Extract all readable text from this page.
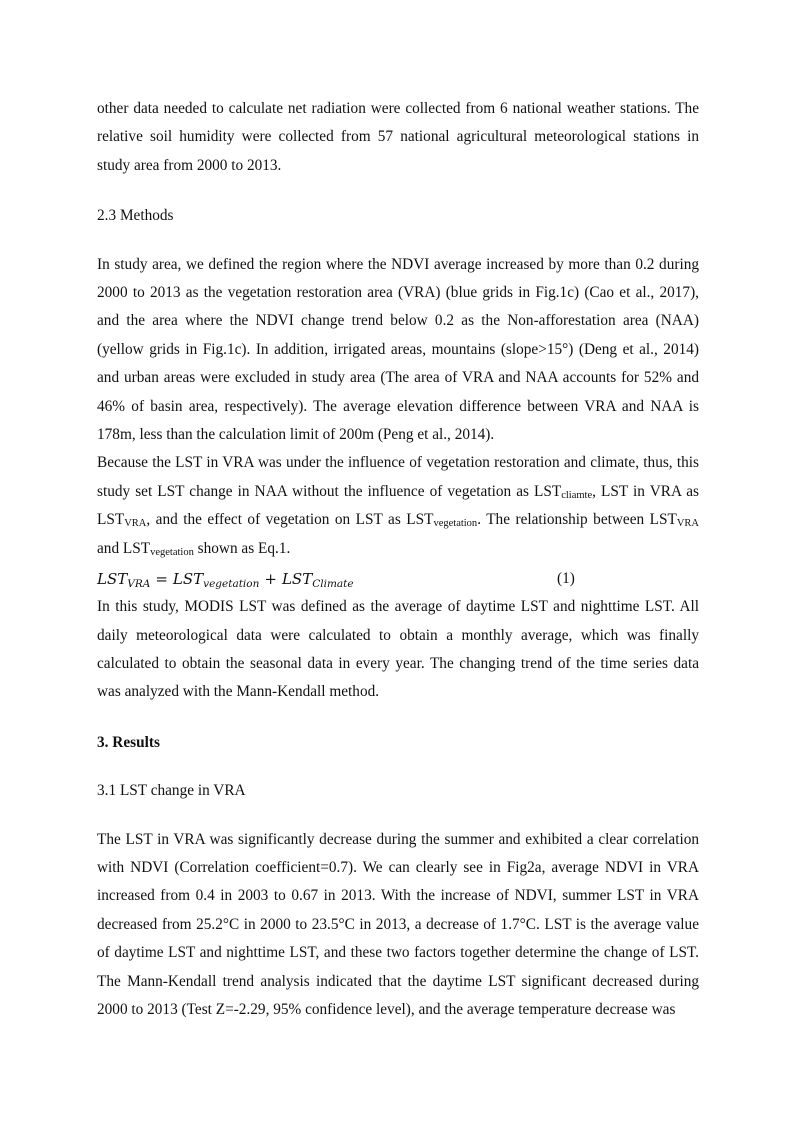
other data needed to calculate net radiation were collected from 6 national weather stations. The relative soil humidity were collected from 57 national agricultural meteorological stations in study area from 2000 to 2013.

2.3 Methods

In study area, we defined the region where the NDVI average increased by more than 0.2 during 2000 to 2013 as the vegetation restoration area (VRA) (blue grids in Fig.1c) (Cao et al., 2017), and the area where the NDVI change trend below 0.2 as the Non-afforestation area (NAA) (yellow grids in Fig.1c). In addition, irrigated areas, mountains (slope>15°) (Deng et al., 2014) and urban areas were excluded in study area (The area of VRA and NAA accounts for 52% and 46% of basin area, respectively). The average elevation difference between VRA and NAA is 178m, less than the calculation limit of 200m (Peng et al., 2014).

Because the LST in VRA was under the influence of vegetation restoration and climate, thus, this study set LST change in NAA without the influence of vegetation as $LST_{cliamte}$, LST in VRA as $LST_{VRA}$, and the effect of vegetation on LST as $LST_{vegetation}$. The relationship between $LST_{VRA}$ and $LST_{vegetation}$ shown as Eq.1.

$LST_{VRA} = LST_{vegetation} + LST_{Climate}$	(1)

In this study, MODIS LST was defined as the average of daytime LST and nighttime LST. All daily meteorological data were calculated to obtain a monthly average, which was finally calculated to obtain the seasonal data in every year. The changing trend of the time series data was analyzed with the Mann-Kendall method.

3. Results

3.1 LST change in VRA

The LST in VRA was significantly decrease during the summer and exhibited a clear correlation with NDVI (Correlation coefficient=0.7). We can clearly see in Fig2a, average NDVI in VRA increased from 0.4 in 2003 to 0.67 in 2013. With the increase of NDVI, summer LST in VRA decreased from 25.2°C in 2000 to 23.5°C in 2013, a decrease of 1.7°C. LST is the average value of daytime LST and nighttime LST, and these two factors together determine the change of LST. The Mann-Kendall trend analysis indicated that the daytime LST significant decreased during 2000 to 2013 (Test Z=-2.29, 95% confidence level), and the average temperature decrease was
